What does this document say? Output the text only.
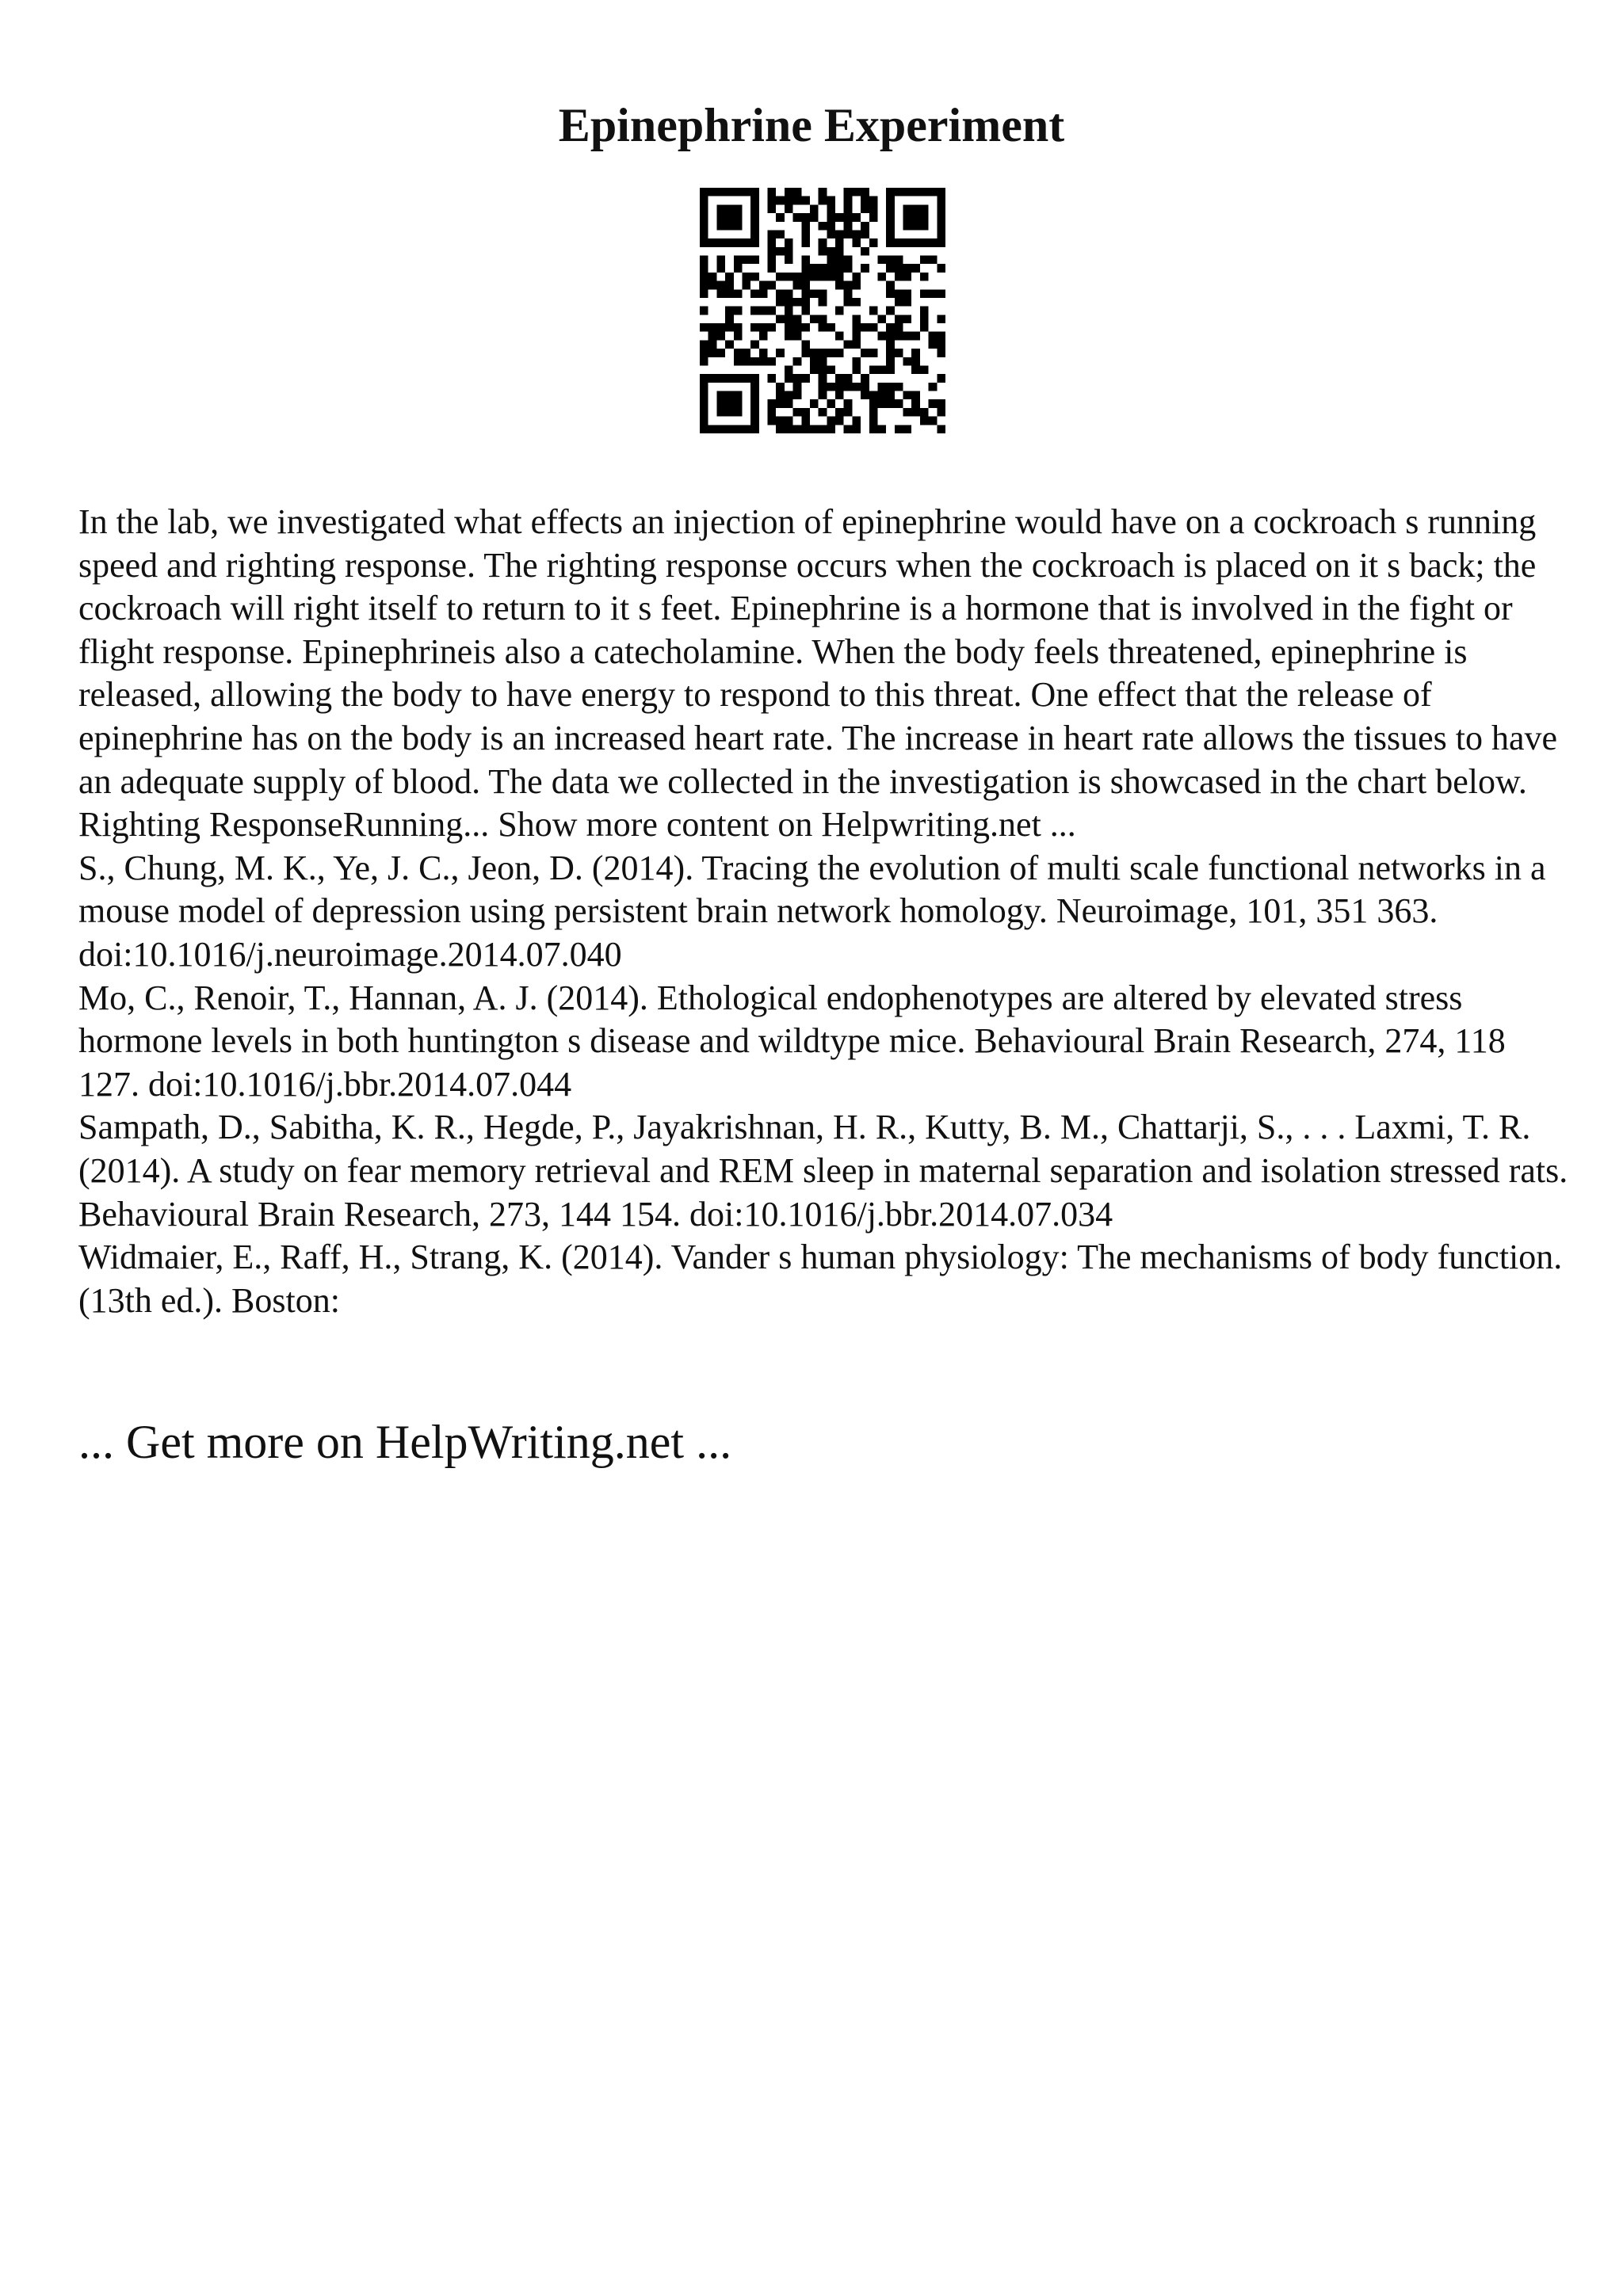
Epinephrine Experiment

In the lab, we investigated what effects an injection of epinephrine would have on a cockroach s running speed and righting response. The righting response occurs when the cockroach is placed on it s back; the cockroach will right itself to return to it s feet. Epinephrine is a hormone that is involved in the fight or flight response. Epinephrineis also a catecholamine. When the body feels threatened, epinephrine is released, allowing the body to have energy to respond to this threat. One effect that the release of epinephrine has on the body is an increased heart rate. The increase in heart rate allows the tissues to have an adequate supply of blood. The data we collected in the investigation is showcased in the chart below. Righting ResponseRunning... Show more content on Helpwriting.net ...

S., Chung, M. K., Ye, J. C., Jeon, D. (2014). Tracing the evolution of multi scale functional networks in a mouse model of depression using persistent brain network homology. Neuroimage, 101, 351 363. doi:10.1016/j.neuroimage.2014.07.040

Mo, C., Renoir, T., Hannan, A. J. (2014). Ethological endophenotypes are altered by elevated stress hormone levels in both huntington s disease and wildtype mice. Behavioural Brain Research, 274, 118 127. doi:10.1016/j.bbr.2014.07.044

Sampath, D., Sabitha, K. R., Hegde, P., Jayakrishnan, H. R., Kutty, B. M., Chattarji, S., . . . Laxmi, T. R. (2014). A study on fear memory retrieval and REM sleep in maternal separation and isolation stressed rats. Behavioural Brain Research, 273, 144 154. doi:10.1016/j.bbr.2014.07.034

Widmaier, E., Raff, H., Strang, K. (2014). Vander s human physiology: The mechanisms of body function. (13th ed.). Boston:

... Get more on HelpWriting.net ...
